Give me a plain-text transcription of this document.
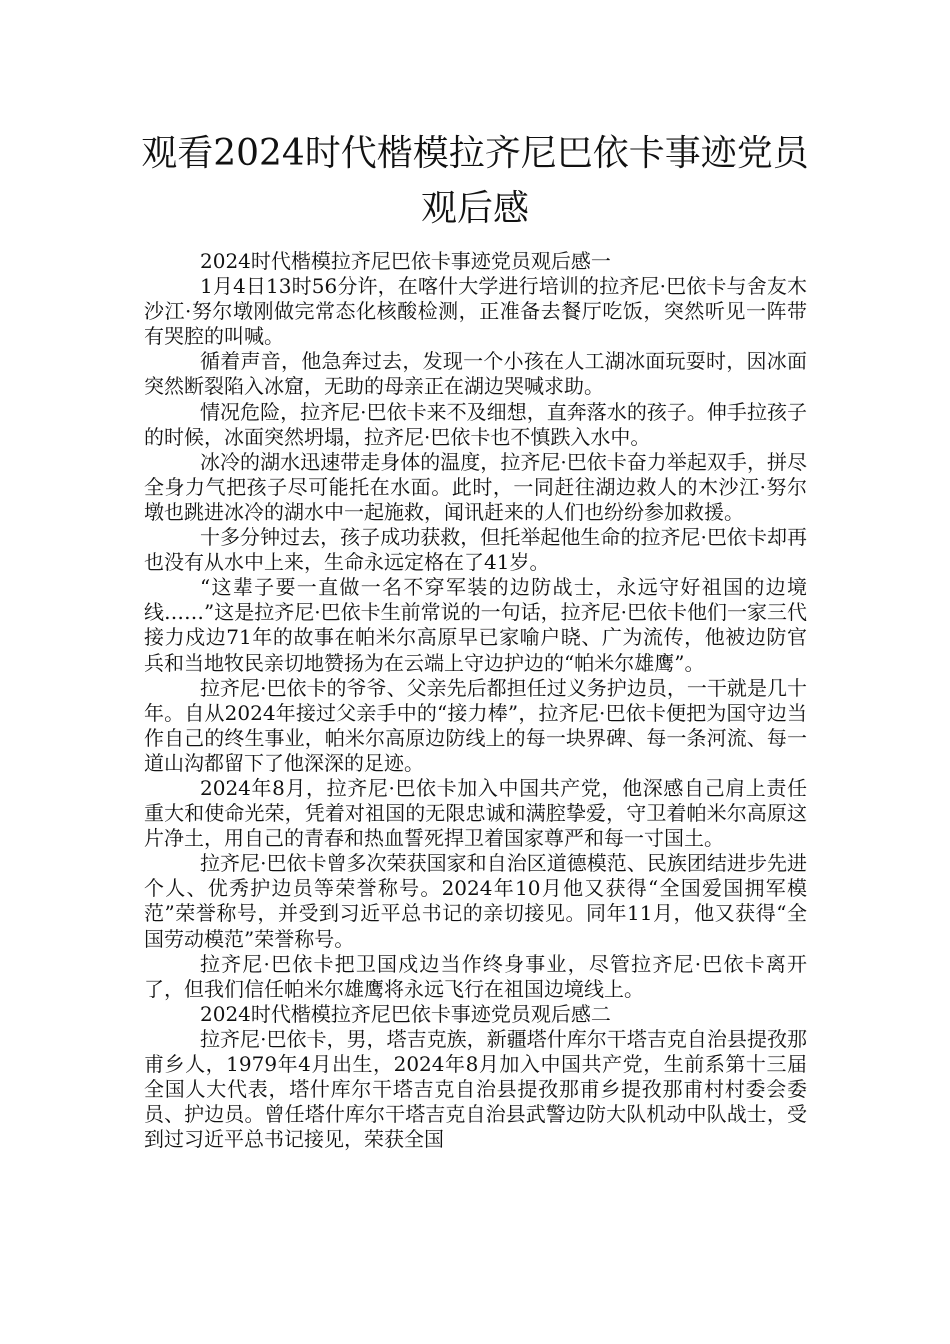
观看2024时代楷模拉齐尼巴依卡事迹党员观后感

2024时代楷模拉齐尼巴依卡事迹党员观后感一

1月4日13时56分许，在喀什大学进行培训的拉齐尼·巴依卡与舍友木沙江·努尔墩刚做完常态化核酸检测，正准备去餐厅吃饭，突然听见一阵带有哭腔的叫喊。

循着声音，他急奔过去，发现一个小孩在人工湖冰面玩耍时，因冰面突然断裂陷入冰窟，无助的母亲正在湖边哭喊求助。

情况危险，拉齐尼·巴依卡来不及细想，直奔落水的孩子。伸手拉孩子的时候，冰面突然坍塌，拉齐尼·巴依卡也不慎跌入水中。

冰冷的湖水迅速带走身体的温度，拉齐尼·巴依卡奋力举起双手，拼尽全身力气把孩子尽可能托在水面。此时，一同赶往湖边救人的木沙江·努尔墩也跳进冰冷的湖水中一起施救，闻讯赶来的人们也纷纷参加救援。

十多分钟过去，孩子成功获救，但托举起他生命的拉齐尼·巴依卡却再也没有从水中上来，生命永远定格在了41岁。

“这辈子要一直做一名不穿军装的边防战士，永远守好祖国的边境线……”这是拉齐尼·巴依卡生前常说的一句话，拉齐尼·巴依卡他们一家三代接力戍边71年的故事在帕米尔高原早已家喻户晓、广为流传，他被边防官兵和当地牧民亲切地赞扬为在云端上守边护边的“帕米尔雄鹰”。

拉齐尼·巴依卡的爷爷、父亲先后都担任过义务护边员，一干就是几十年。自从2024年接过父亲手中的“接力棒”，拉齐尼·巴依卡便把为国守边当作自己的终生事业，帕米尔高原边防线上的每一块界碑、每一条河流、每一道山沟都留下了他深深的足迹。

2024年8月，拉齐尼·巴依卡加入中国共产党，他深感自己肩上责任重大和使命光荣，凭着对祖国的无限忠诚和满腔挚爱，守卫着帕米尔高原这片净土，用自己的青春和热血誓死捍卫着国家尊严和每一寸国土。

拉齐尼·巴依卡曾多次荣获国家和自治区道德模范、民族团结进步先进个人、优秀护边员等荣誉称号。2024年10月他又获得“全国爱国拥军模范”荣誉称号，并受到习近平总书记的亲切接见。同年11月，他又获得“全国劳动模范”荣誉称号。

拉齐尼·巴依卡把卫国戍边当作终身事业，尽管拉齐尼·巴依卡离开了，但我们信任帕米尔雄鹰将永远飞行在祖国边境线上。

2024时代楷模拉齐尼巴依卡事迹党员观后感二

拉齐尼·巴依卡，男，塔吉克族，新疆塔什库尔干塔吉克自治县提孜那甫乡人，1979年4月出生，2024年8月加入中国共产党，生前系第十三届全国人大代表，塔什库尔干塔吉克自治县提孜那甫乡提孜那甫村村委会委员、护边员。曾任塔什库尔干塔吉克自治县武警边防大队机动中队战士，受到过习近平总书记接见，荣获全国
